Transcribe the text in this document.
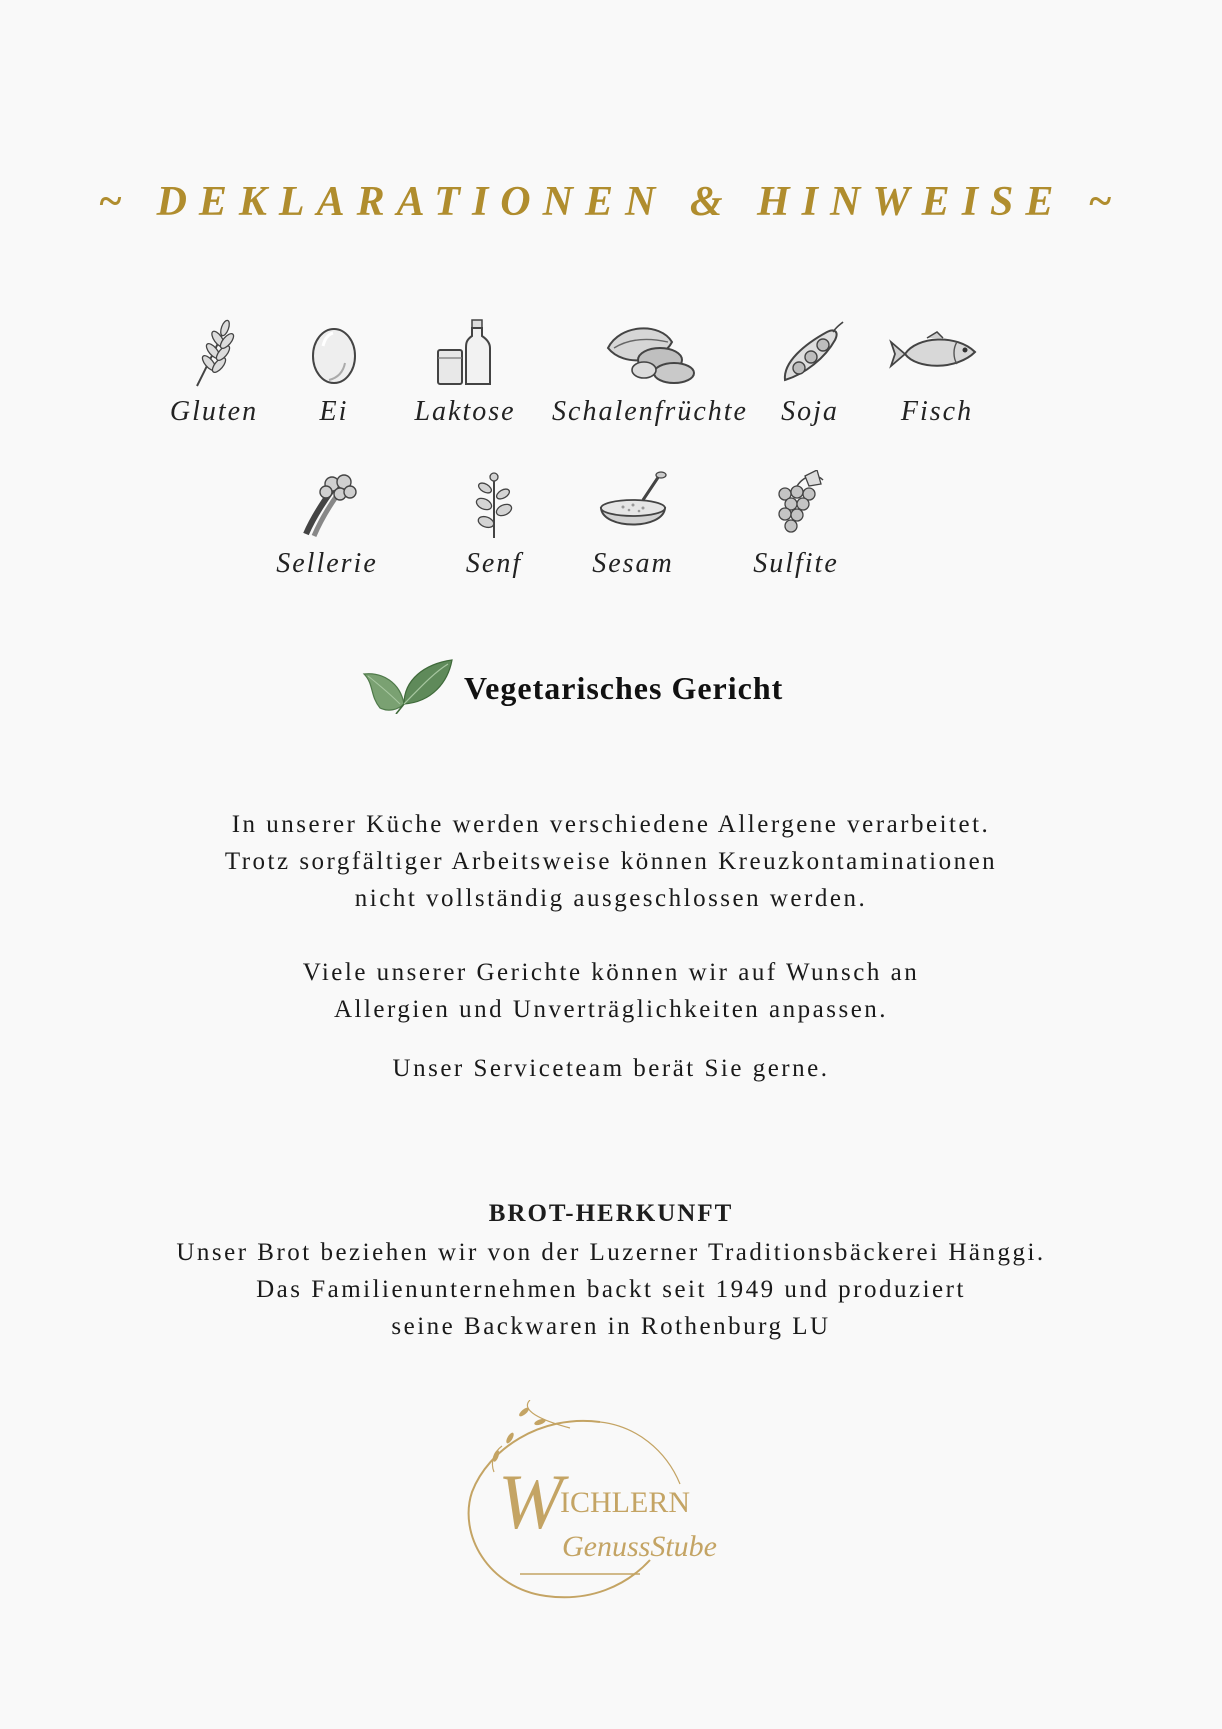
~ DEKLARATIONEN & HINWEISE ~
Gluten	Ei	Laktose	Schalenfrüchte	Soja	Fisch
Sellerie	Senf	Sesam	Sulfite
Vegetarisches Gericht
In unserer Küche werden verschiedene Allergene verarbeitet.
Trotz sorgfältiger Arbeitsweise können Kreuzkontaminationen
nicht vollständig ausgeschlossen werden.
Viele unserer Gerichte können wir auf Wunsch an
Allergien und Unverträglichkeiten anpassen.
Unser Serviceteam berät Sie gerne.
BROT-HERKUNFT
Unser Brot beziehen wir von der Luzerner Traditionsbäckerei Hänggi.
Das Familienunternehmen backt seit 1949 und produziert
seine Backwaren in Rothenburg LU
W
ICHLERN
GenussStube
